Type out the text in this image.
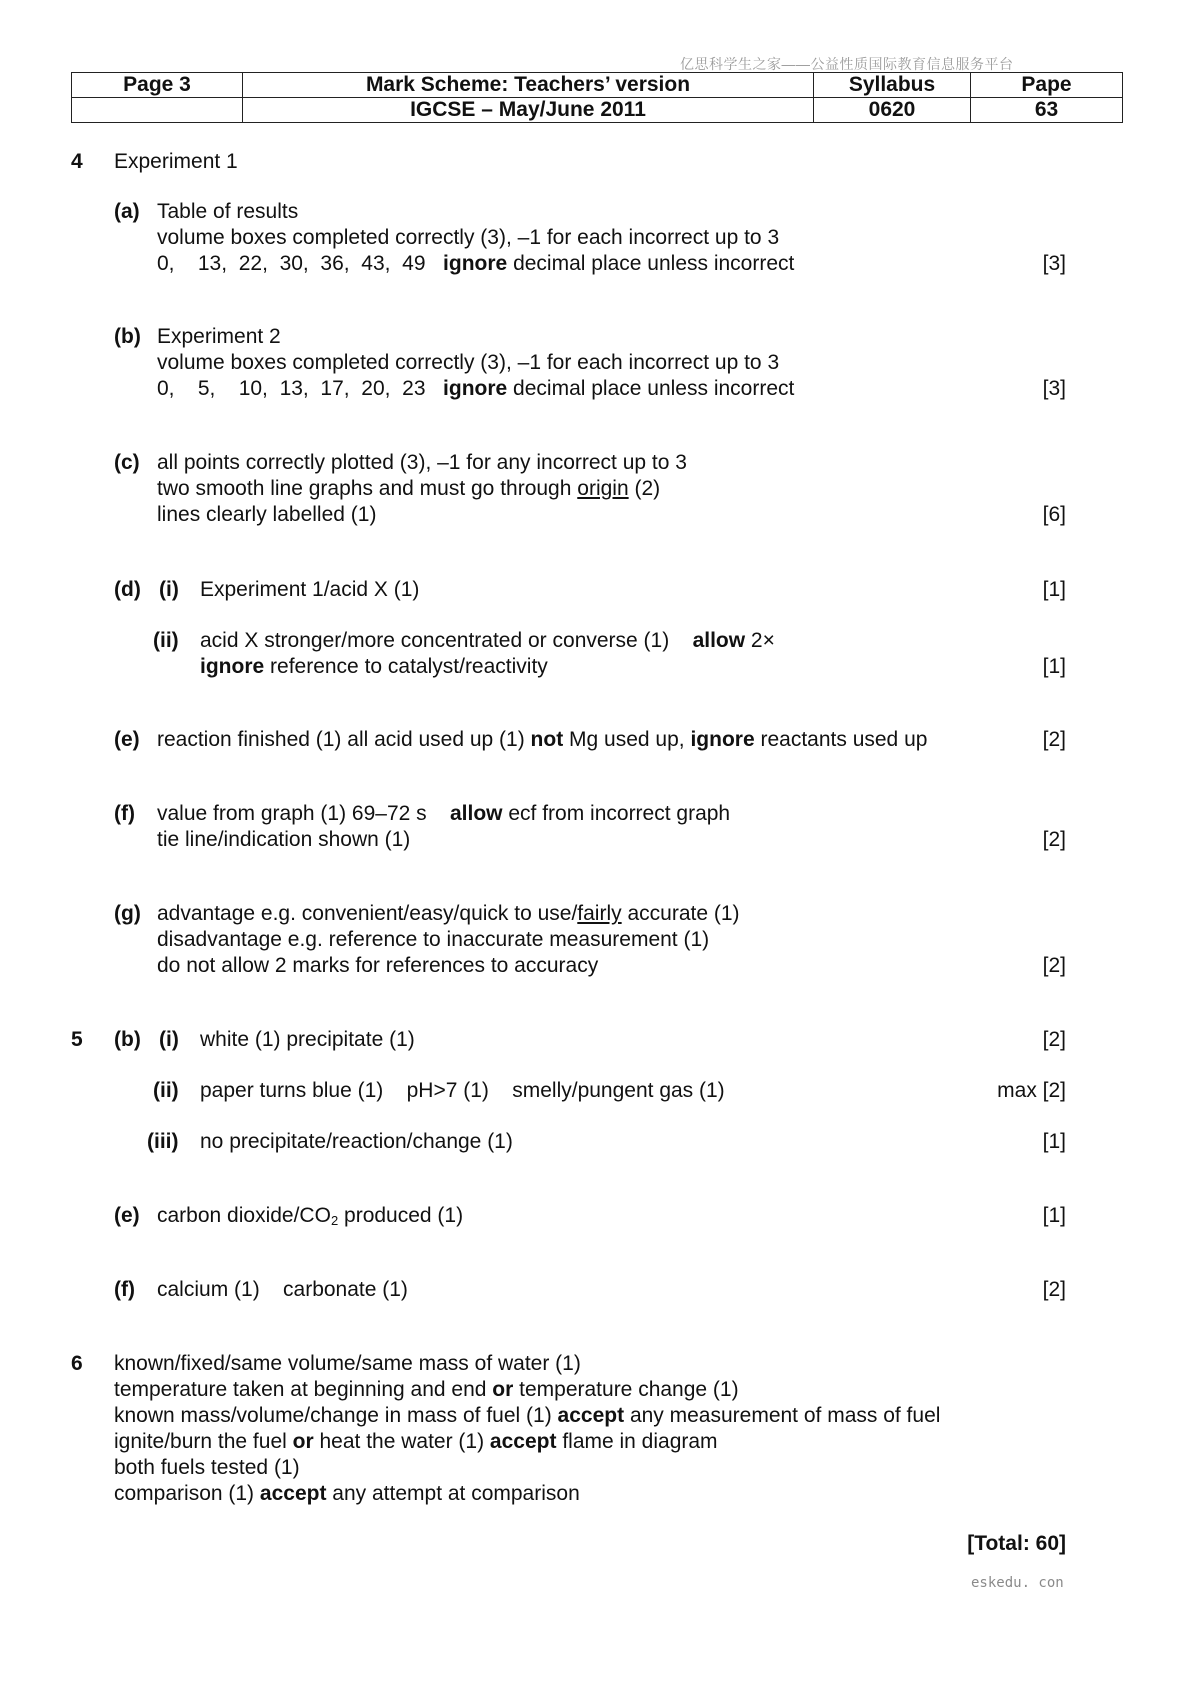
亿思科学生之家——公益性质国际教育信息服务平台
Page 3	Mark Scheme: Teachers’ version	Syllabus	Pape
	IGCSE – May/June 2011	0620	63
4 Experiment 1
(a) Table of results
volume boxes completed correctly (3), –1 for each incorrect up to 3
0,    13,  22,  30,  36,  43,  49 ignore decimal place unless incorrect	[3]
(b) Experiment 2
volume boxes completed correctly (3), –1 for each incorrect up to 3
0,    5,    10,  13,  17,  20,  23 ignore decimal place unless incorrect	[3]
(c) all points correctly plotted (3), –1 for any incorrect up to 3
two smooth line graphs and must go through origin (2)
lines clearly labelled (1)	[6]
(d) (i) Experiment 1/acid X (1)	[1]
(ii) acid X stronger/more concentrated or converse (1) allow 2×
ignore reference to catalyst/reactivity	[1]
(e) reaction finished (1) all acid used up (1) not Mg used up, ignore reactants used up	[2]
(f) value from graph (1) 69–72 s allow ecf from incorrect graph
tie line/indication shown (1)	[2]
(g) advantage e.g. convenient/easy/quick to use/fairly accurate (1)
disadvantage e.g. reference to inaccurate measurement (1)
do not allow 2 marks for references to accuracy	[2]
5 (b) (i) white (1) precipitate (1)	[2]
(ii) paper turns blue (1)    pH>7 (1)    smelly/pungent gas (1)	max [2]
(iii) no precipitate/reaction/change (1)	[1]
(e) carbon dioxide/$CO_2$ produced (1)	[1]
(f) calcium (1)    carbonate (1)	[2]
6 known/fixed/same volume/same mass of water (1)
temperature taken at beginning and end or temperature change (1)
known mass/volume/change in mass of fuel (1) accept any measurement of mass of fuel
ignite/burn the fuel or heat the water (1) accept flame in diagram
both fuels tested (1)
comparison (1) accept any attempt at comparison
[Total: 60]
eskedu. con
